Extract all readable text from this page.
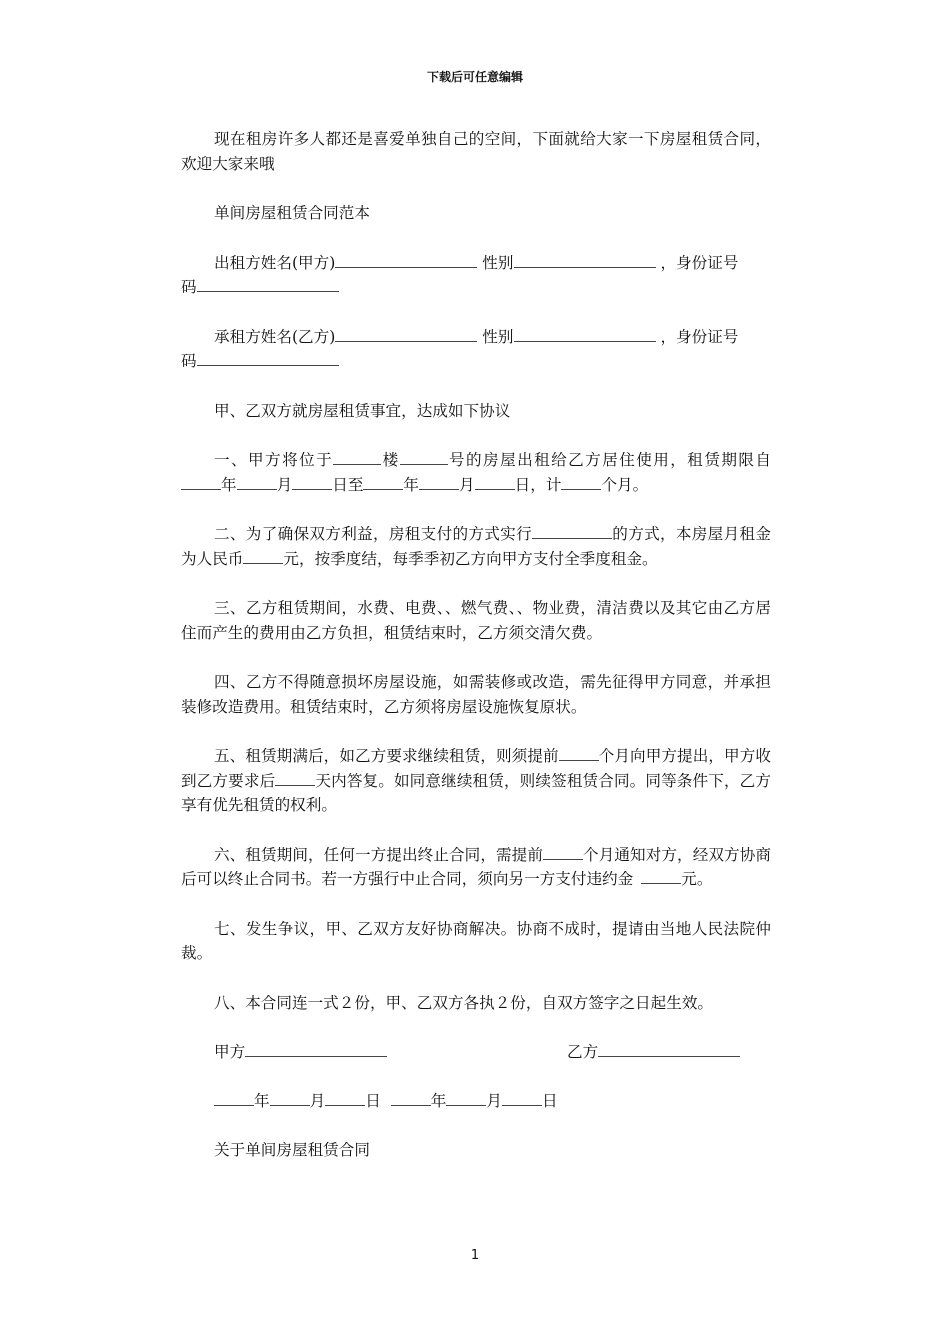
下载后可任意编辑

现在租房许多人都还是喜爱单独自己的空间，下面就给大家一下房屋租赁合同，欢迎大家来哦

单间房屋租赁合同范本

出租方姓名(甲方)	性别	，身份证号
码

承租方姓名(乙方)	性别	，身份证号
码

甲、乙双方就房屋租赁事宜，达成如下协议

一、甲方将位于	楼	号的房屋出租给乙方居住使用，租赁期限自年	月	日至	年	月	日，计	个月。

二、为了确保双方利益，房租支付的方式实行	的方式，本房屋月租金为人民币	元，按季度结，每季季初乙方向甲方支付全季度租金。

三、乙方租赁期间，水费、电费、、燃气费、、物业费，清洁费以及其它由乙方居住而产生的费用由乙方负担，租赁结束时，乙方须交清欠费。

四、乙方不得随意损坏房屋设施，如需装修或改造，需先征得甲方同意，并承担装修改造费用。租赁结束时，乙方须将房屋设施恢复原状。

五、租赁期满后，如乙方要求继续租赁，则须提前	个月向甲方提出，甲方收到乙方要求后	天内答复。如同意继续租赁，则续签租赁合同。同等条件下，乙方享有优先租赁的权利。

六、租赁期间，任何一方提出终止合同，需提前	个月通知对方，经双方协商后可以终止合同书。若一方强行中止合同，须向另一方支付违约金	元。

七、发生争议，甲、乙双方友好协商解决。协商不成时，提请由当地人民法院仲裁。

八、本合同连一式２份，甲、乙双方各执２份，自双方签字之日起生效。

甲方	乙方
年	月	日	年	月	日

关于单间房屋租赁合同

1
